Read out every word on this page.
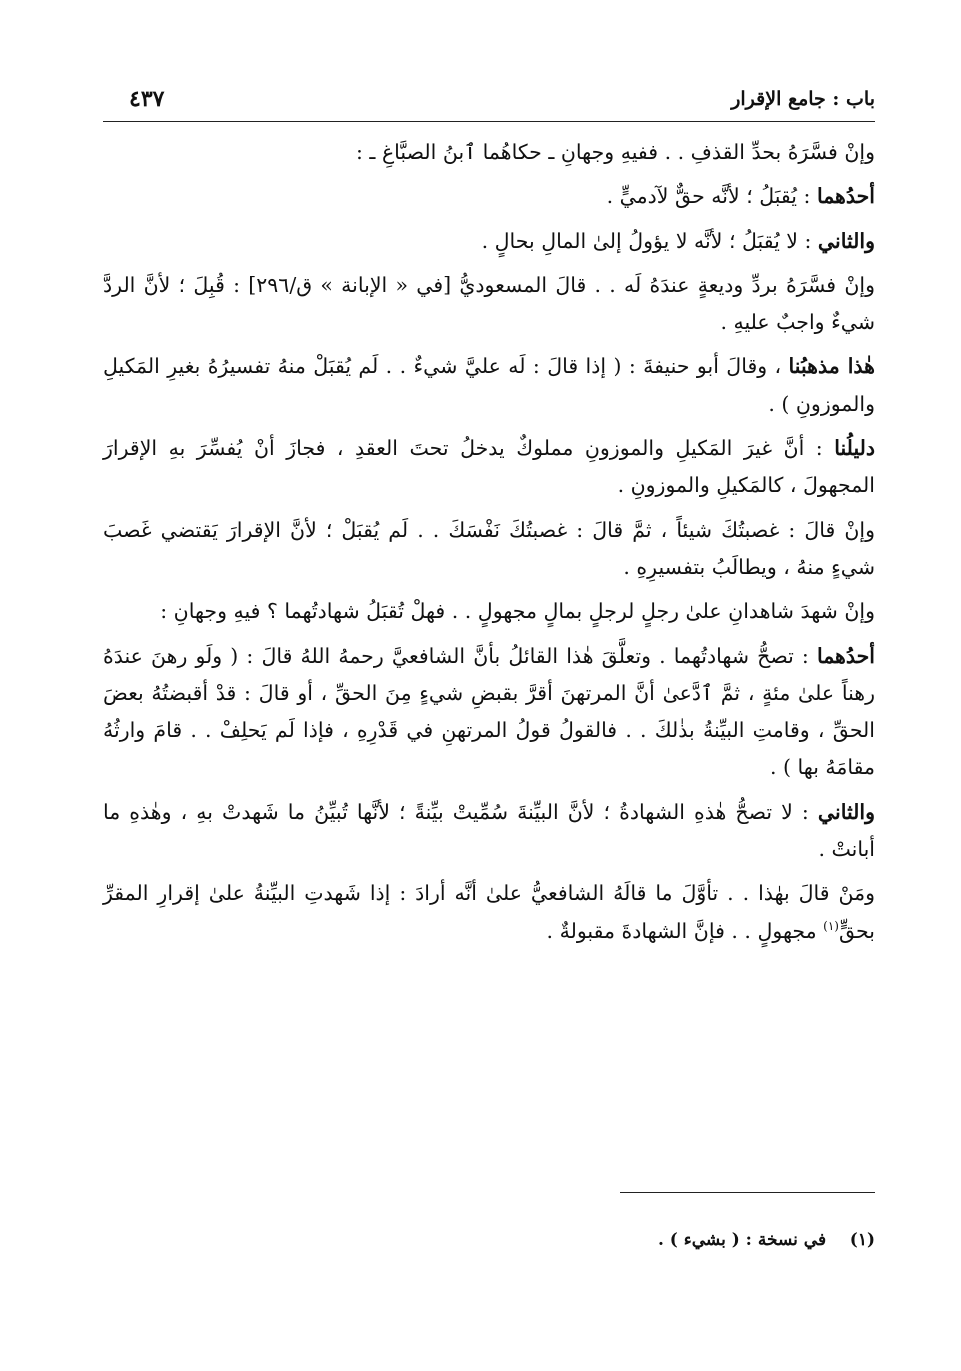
باب : جامع الإقرار
٤٣٧

وإنْ فسَّرَهُ بحدِّ القذفِ . . ففيهِ وجهانِ ـ حكاهُما ٱبنُ الصبَّاغِ ـ :

أحدُهما : يُقبَلُ ؛ لأنَّه حقٌّ لآدميٍّ .

والثاني : لا يُقبَلُ ؛ لأنَّه لا يؤولُ إلىٰ المالِ بحالٍ .

وإنْ فسَّرَهُ بردِّ وديعةٍ عندَهُ لَه . . قالَ المسعوديُّ [في « الإبانة » ق/٢٩٦] : قُبِلَ ؛ لأنَّ الردَّ شيءٌ واجبٌ عليهِ .

هٰذا مذهبُنا ، وقالَ أبو حنيفةَ : ( إذا قالَ : لَه عليَّ شيءٌ . . لَم يُقبَلْ منهُ تفسيرُهُ بغيرِ المَكيلِ والموزونِ ) .

دليلُنا : أنَّ غيرَ المَكيلِ والموزونِ مملوكٌ يدخلُ تحتَ العقدِ ، فجازَ أنْ يُفسِّرَ بهِ الإقرارَ المجهولَ ، كالمَكيلِ والموزونِ .

وإنْ قالَ : غصبتُكَ شيئاً ، ثمَّ قالَ : غصبتُكَ نَفْسَكَ . . لَم يُقبَلْ ؛ لأنَّ الإقرارَ يَقتضي غَصبَ شيءٍ منهُ ، ويطالَبُ بتفسيرِهِ .

وإنْ شهدَ شاهدانِ علىٰ رجلٍ لرجلٍ بمالٍ مجهولٍ . . فهلْ تُقبَلُ شهادتُهما ؟ فيهِ وجهانِ :

أحدُهما : تصحُّ شهادتُهما . وتعلَّقَ هٰذا القائلُ بأنَّ الشافعيَّ رحمهُ اللهُ قالَ : ( ولَو رهنَ عندَهُ رهناً علىٰ مئةٍ ، ثمَّ ٱدَّعىٰ أنَّ المرتهنَ أقرَّ بقبضِ شيءٍ مِنَ الحقِّ ، أو قالَ : قدْ أقبضتُهُ بعضَ الحقِّ ، وقامتِ البيِّنةُ بذٰلكَ . . فالقولُ قولُ المرتهنِ في قَدْرِهِ ، فإذا لَم يَحلِفْ . . قامَ وارثُهُ مقامَهُ بها ) .

والثاني : لا تصحُّ هٰذهِ الشهادةُ ؛ لأنَّ البيِّنةَ سُمِّيتْ بيِّنةً ؛ لأنَّها تُبيِّنُ ما شَهدتْ بهِ ، وهٰذهِ ما أبانتْ .

ومَنْ قالَ بهٰذا . . تأوَّلَ ما قالَهُ الشافعيُّ علىٰ أنَّه أرادَ : إذا شَهدتِ البيِّنةُ علىٰ إقرارِ المقرِّ بحقٍّ$^{(١)}$ مجهولٍ . . فإنَّ الشهادةَ مقبولةٌ .

(١)    في نسخة : ( بشيء ) .
